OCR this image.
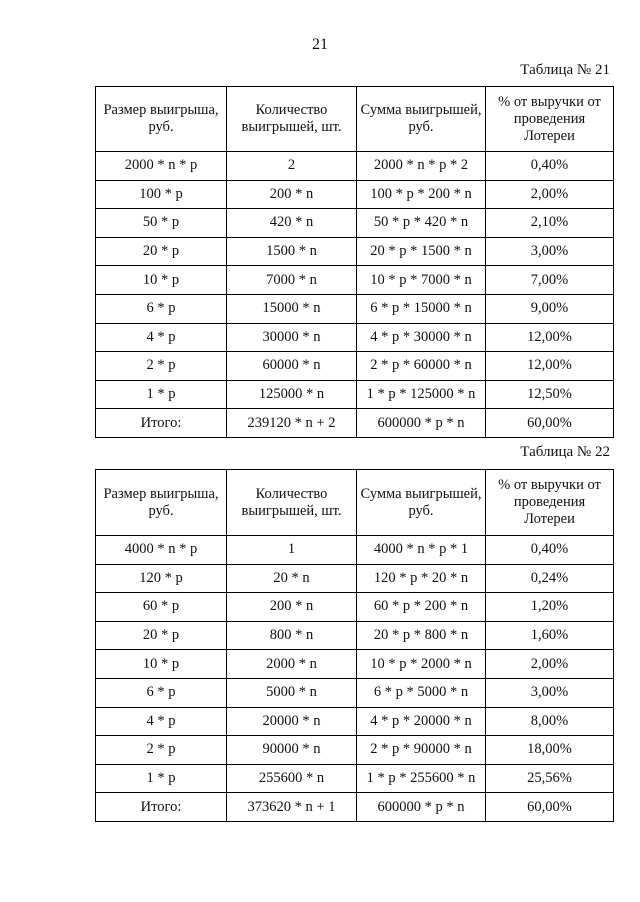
21
Таблица № 21
Размер выигрыша, руб.	Количество выигрышей, шт.	Сумма выигрышей, руб.	% от выручки от проведения Лотереи
2000 * n * p	2	2000 * n * p * 2	0,40%
100 * p	200 * n	100 * p * 200 * n	2,00%
50 * p	420 * n	50 * p * 420 * n	2,10%
20 * p	1500 * n	20 * p * 1500 * n	3,00%
10 * p	7000 * n	10 * p * 7000 * n	7,00%
6 * p	15000 * n	6 * p * 15000 * n	9,00%
4 * p	30000 * n	4 * p * 30000 * n	12,00%
2 * p	60000 * n	2 * p * 60000 * n	12,00%
1 * p	125000 * n	1 * p * 125000 * n	12,50%
Итого:	239120 * n + 2	600000 * p * n	60,00%
Таблица № 22
Размер выигрыша, руб.	Количество выигрышей, шт.	Сумма выигрышей, руб.	% от выручки от проведения Лотереи
4000 * n * p	1	4000 * n * p * 1	0,40%
120 * p	20 * n	120 * p * 20 * n	0,24%
60 * p	200 * n	60 * p * 200 * n	1,20%
20 * p	800 * n	20 * p * 800 * n	1,60%
10 * p	2000 * n	10 * p * 2000 * n	2,00%
6 * p	5000 * n	6 * p * 5000 * n	3,00%
4 * p	20000 * n	4 * p * 20000 * n	8,00%
2 * p	90000 * n	2 * p * 90000 * n	18,00%
1 * p	255600 * n	1 * p * 255600 * n	25,56%
Итого:	373620 * n + 1	600000 * p * n	60,00%
